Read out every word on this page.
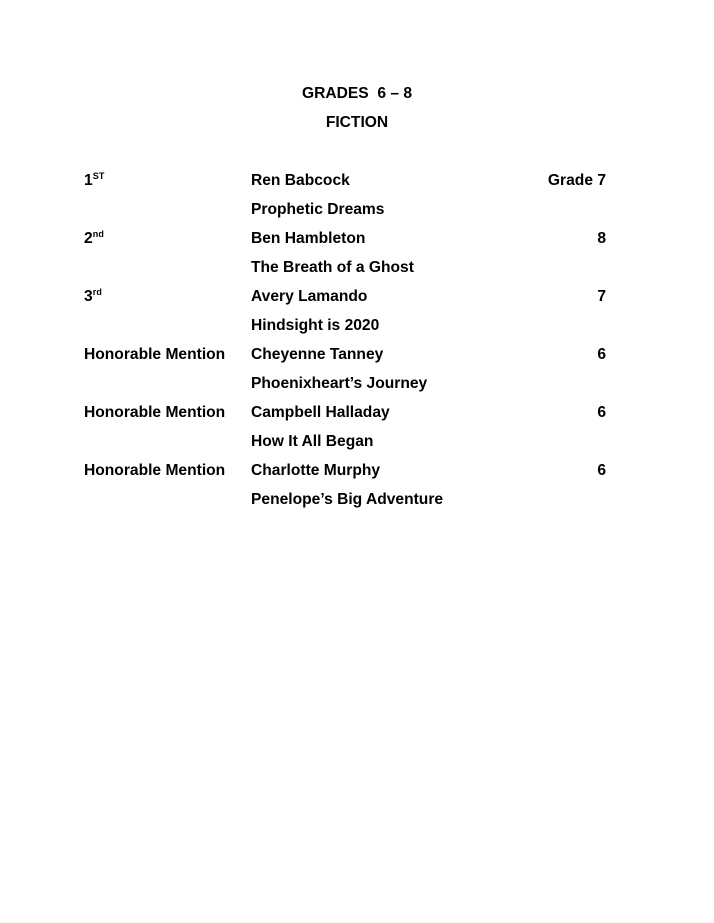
GRADES  6 – 8
FICTION
1ST	Ren Babcock	Grade 7
Prophetic Dreams
2nd	Ben Hambleton	8
The Breath of a Ghost
3rd	Avery Lamando	7
Hindsight is 2020
Honorable Mention	Cheyenne Tanney	6
Phoenixheart’s Journey
Honorable Mention	Campbell Halladay	6
How It All Began
Honorable Mention	Charlotte Murphy	6
Penelope’s Big Adventure
